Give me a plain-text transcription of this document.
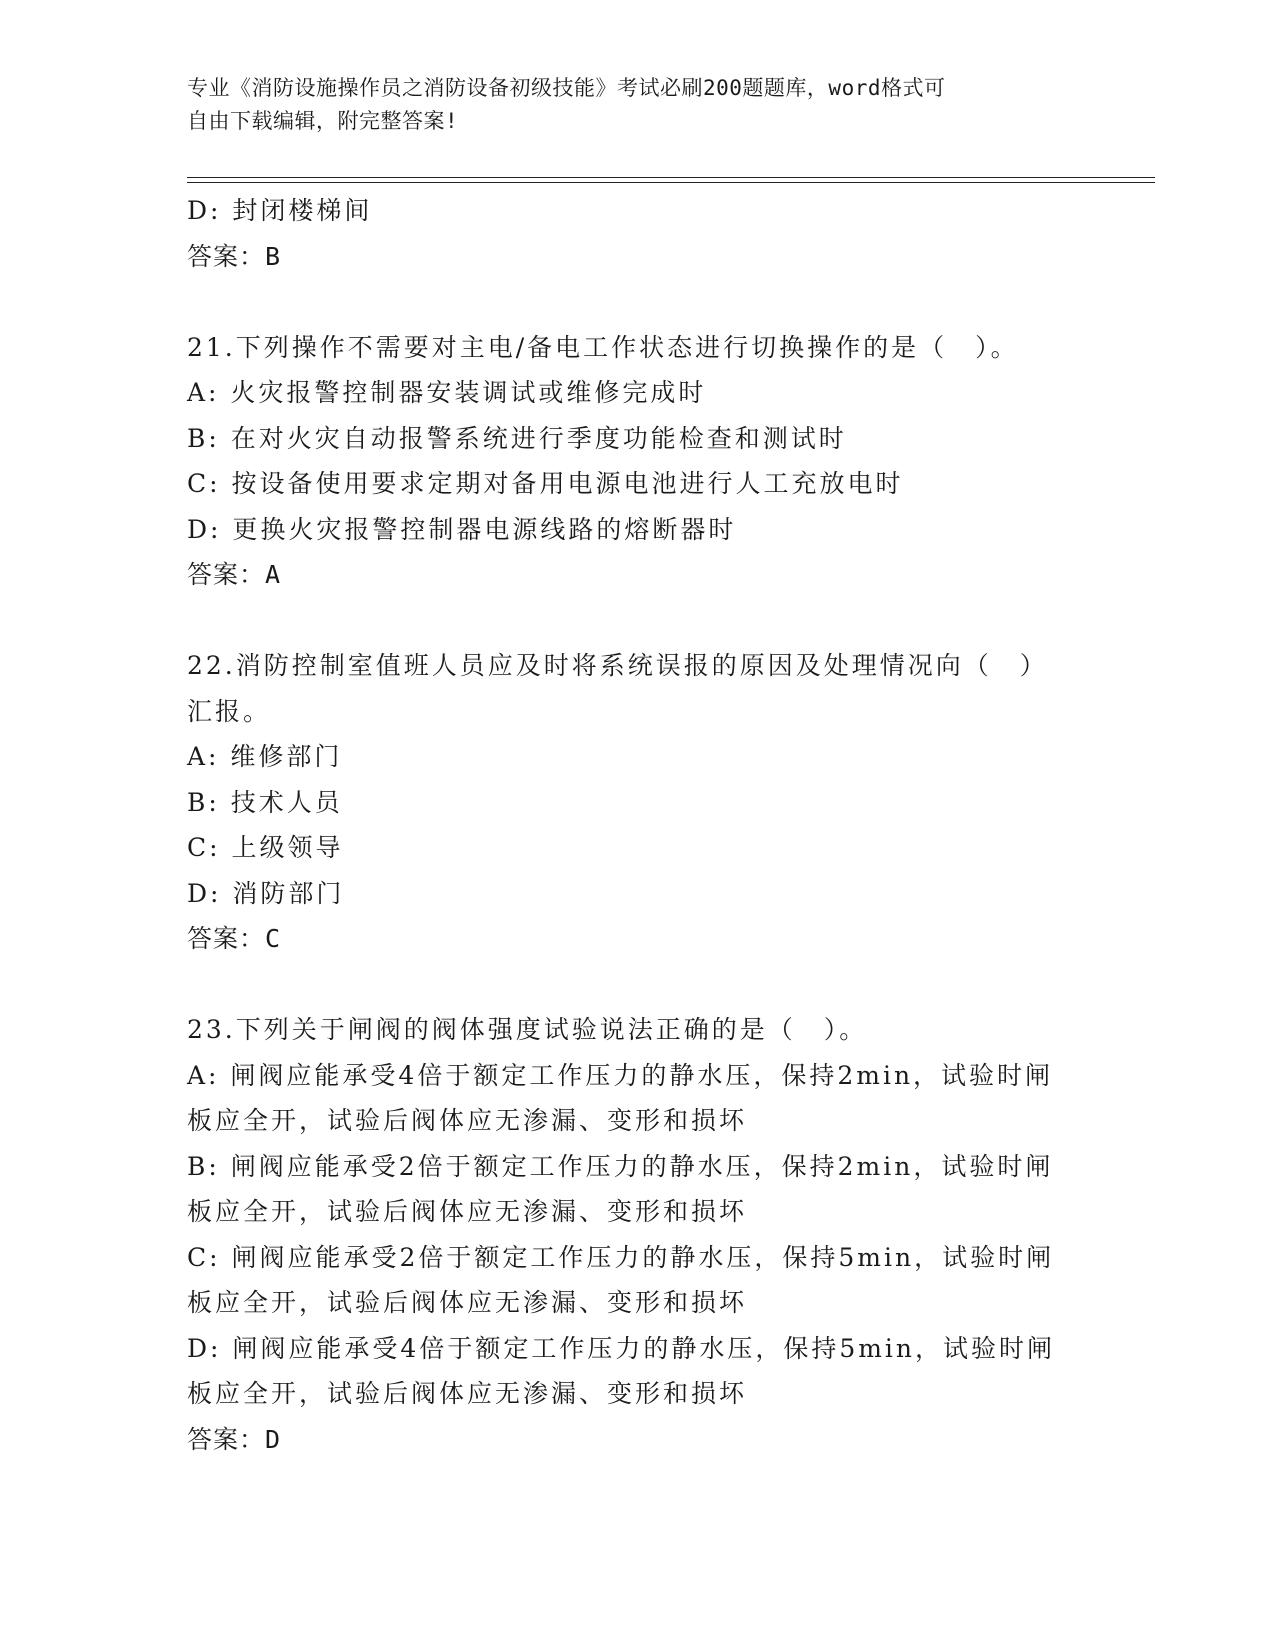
专业《消防设施操作员之消防设备初级技能》考试必刷200题题库，word格式可
自由下载编辑，附完整答案!
D: 封闭楼梯间
答案：B
21.下列操作不需要对主电/备电工作状态进行切换操作的是（　）。
A: 火灾报警控制器安装调试或维修完成时
B: 在对火灾自动报警系统进行季度功能检查和测试时
C: 按设备使用要求定期对备用电源电池进行人工充放电时
D: 更换火灾报警控制器电源线路的熔断器时
答案：A
22.消防控制室值班人员应及时将系统误报的原因及处理情况向（　）
汇报。
A: 维修部门
B: 技术人员
C: 上级领导
D: 消防部门
答案：C
23.下列关于闸阀的阀体强度试验说法正确的是（　）。
A: 闸阀应能承受4倍于额定工作压力的静水压，保持2min，试验时闸
板应全开，试验后阀体应无渗漏、变形和损坏
B: 闸阀应能承受2倍于额定工作压力的静水压，保持2min，试验时闸
板应全开，试验后阀体应无渗漏、变形和损坏
C: 闸阀应能承受2倍于额定工作压力的静水压，保持5min，试验时闸
板应全开，试验后阀体应无渗漏、变形和损坏
D: 闸阀应能承受4倍于额定工作压力的静水压，保持5min，试验时闸
板应全开，试验后阀体应无渗漏、变形和损坏
答案：D
